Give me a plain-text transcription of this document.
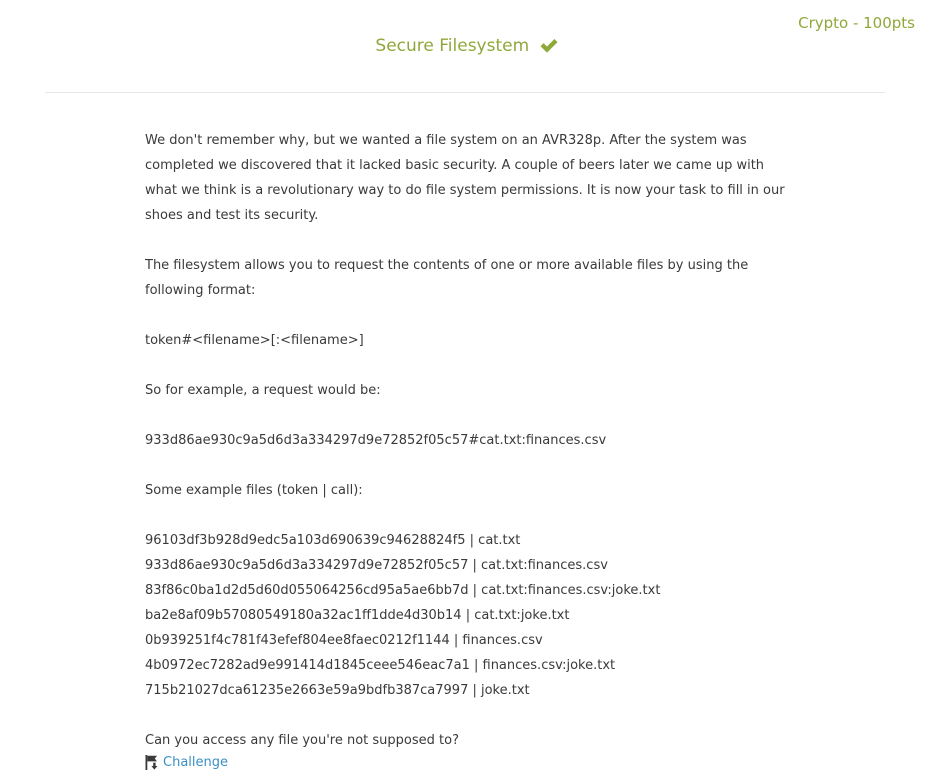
Crypto - 100pts
Secure Filesystem

We don't remember why, but we wanted a file system on an AVR328p. After the system was completed we discovered that it lacked basic security. A couple of beers later we came up with what we think is a revolutionary way to do file system permissions. It is now your task to fill in our shoes and test its security.

The filesystem allows you to request the contents of one or more available files by using the following format:

token#<filename>[:<filename>]

So for example, a request would be:

933d86ae930c9a5d6d3a334297d9e72852f05c57#cat.txt:finances.csv

Some example files (token | call):

96103df3b928d9edc5a103d690639c94628824f5 | cat.txt
933d86ae930c9a5d6d3a334297d9e72852f05c57 | cat.txt:finances.csv
83f86c0ba1d2d5d60d055064256cd95a5ae6bb7d | cat.txt:finances.csv:joke.txt
ba2e8af09b57080549180a32ac1ff1dde4d30b14 | cat.txt:joke.txt
0b939251f4c781f43efef804ee8faec0212f1144 | finances.csv
4b0972ec7282ad9e991414d1845ceee546eac7a1 | finances.csv:joke.txt
715b21027dca61235e2663e59a9bdfb387ca7997 | joke.txt

Can you access any file you're not supposed to?

Challenge
